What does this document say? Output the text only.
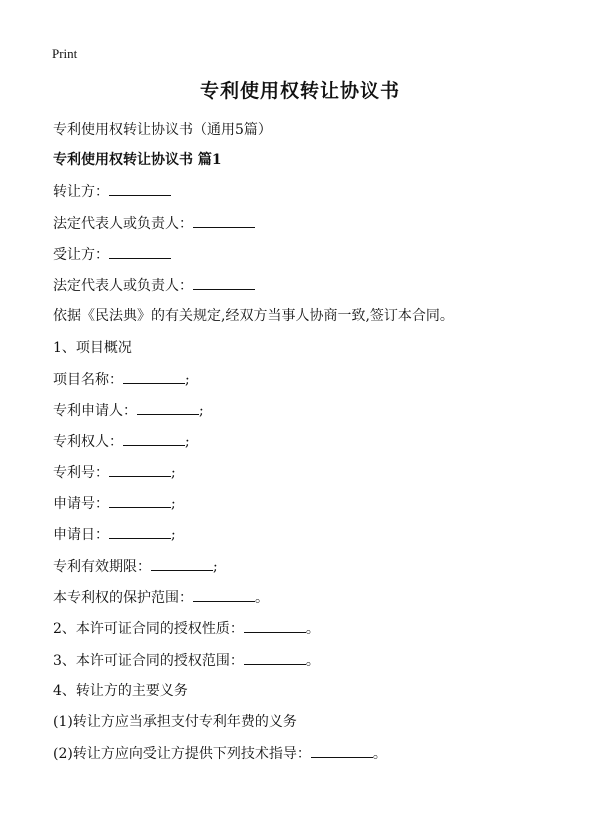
Print
专利使用权转让协议书
专利使用权转让协议书（通用5篇）
专利使用权转让协议书 篇1
转让方：
法定代表人或负责人：
受让方：
法定代表人或负责人：
依据《民法典》的有关规定,经双方当事人协商一致,签订本合同。
1、项目概况
项目名称：	;
专利申请人：	;
专利权人：	;
专利号：	;
申请号：	;
申请日：	;
专利有效期限：	;
本专利权的保护范围：	。
2、本许可证合同的授权性质：	。
3、本许可证合同的授权范围：	。
4、转让方的主要义务
(1)转让方应当承担支付专利年费的义务
(2)转让方应向受让方提供下列技术指导：	。
